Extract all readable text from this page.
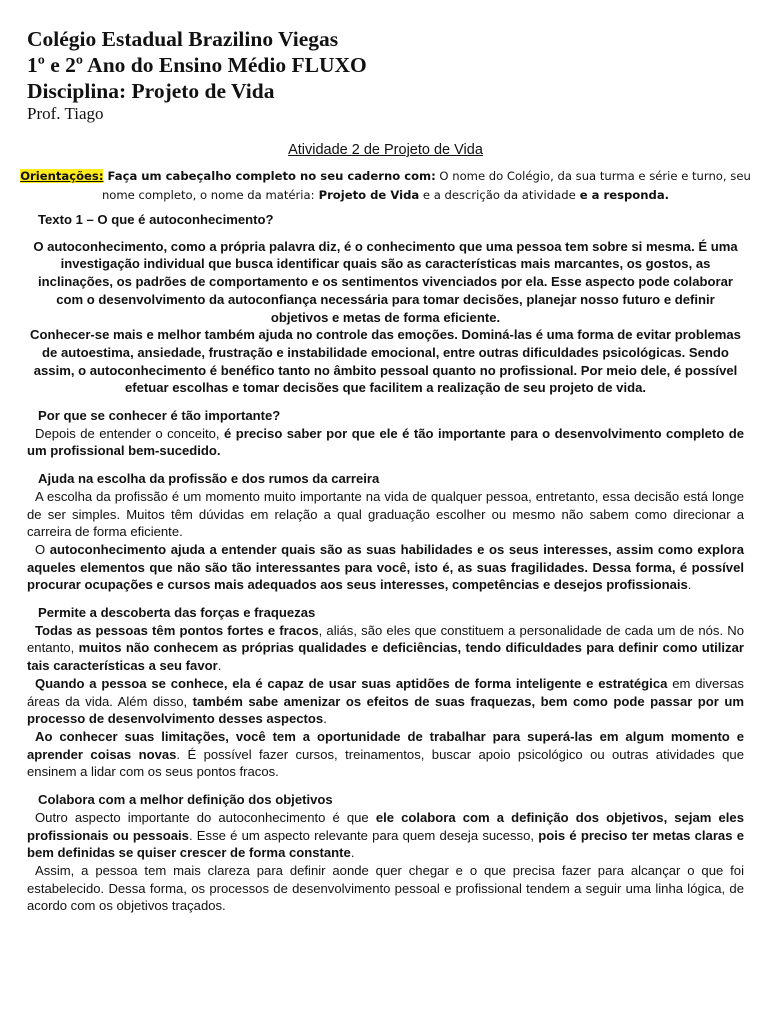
Colégio Estadual Brazilino Viegas

1º e 2º Ano do Ensino Médio FLUXO

Disciplina: Projeto de Vida

Prof. Tiago

Atividade 2 de Projeto de Vida
Orientações: Faça um cabeçalho completo no seu caderno com: O nome do Colégio, da sua turma e série e turno, seu nome completo, o nome da matéria: Projeto de Vida e a descrição da atividade e a responda.
Texto 1 – O que é autoconhecimento?

O autoconhecimento, como a própria palavra diz, é o conhecimento que uma pessoa tem sobre si mesma. É uma investigação individual que busca identificar quais são as características mais marcantes, os gostos, as inclinações, os padrões de comportamento e os sentimentos vivenciados por ela. Esse aspecto pode colaborar com o desenvolvimento da autoconfiança necessária para tomar decisões, planejar nosso futuro e definir objetivos e metas de forma eficiente.

Conhecer-se mais e melhor também ajuda no controle das emoções. Dominá-las é uma forma de evitar problemas de autoestima, ansiedade, frustração e instabilidade emocional, entre outras dificuldades psicológicas. Sendo assim, o autoconhecimento é benéfico tanto no âmbito pessoal quanto no profissional. Por meio dele, é possível efetuar escolhas e tomar decisões que facilitem a realização de seu projeto de vida.

Por que se conhecer é tão importante?

Depois de entender o conceito, é preciso saber por que ele é tão importante para o desenvolvimento completo de um profissional bem-sucedido.

Ajuda na escolha da profissão e dos rumos da carreira

A escolha da profissão é um momento muito importante na vida de qualquer pessoa, entretanto, essa decisão está longe de ser simples. Muitos têm dúvidas em relação a qual graduação escolher ou mesmo não sabem como direcionar a carreira de forma eficiente.

O autoconhecimento ajuda a entender quais são as suas habilidades e os seus interesses, assim como explora aqueles elementos que não são tão interessantes para você, isto é, as suas fragilidades. Dessa forma, é possível procurar ocupações e cursos mais adequados aos seus interesses, competências e desejos profissionais.

Permite a descoberta das forças e fraquezas

Todas as pessoas têm pontos fortes e fracos, aliás, são eles que constituem a personalidade de cada um de nós. No entanto, muitos não conhecem as próprias qualidades e deficiências, tendo dificuldades para definir como utilizar tais características a seu favor.

Quando a pessoa se conhece, ela é capaz de usar suas aptidões de forma inteligente e estratégica em diversas áreas da vida. Além disso, também sabe amenizar os efeitos de suas fraquezas, bem como pode passar por um processo de desenvolvimento desses aspectos.

Ao conhecer suas limitações, você tem a oportunidade de trabalhar para superá-las em algum momento e aprender coisas novas. É possível fazer cursos, treinamentos, buscar apoio psicológico ou outras atividades que ensinem a lidar com os seus pontos fracos.

Colabora com a melhor definição dos objetivos

Outro aspecto importante do autoconhecimento é que ele colabora com a definição dos objetivos, sejam eles profissionais ou pessoais. Esse é um aspecto relevante para quem deseja sucesso, pois é preciso ter metas claras e bem definidas se quiser crescer de forma constante.

Assim, a pessoa tem mais clareza para definir aonde quer chegar e o que precisa fazer para alcançar o que foi estabelecido. Dessa forma, os processos de desenvolvimento pessoal e profissional tendem a seguir uma linha lógica, de acordo com os objetivos traçados.
